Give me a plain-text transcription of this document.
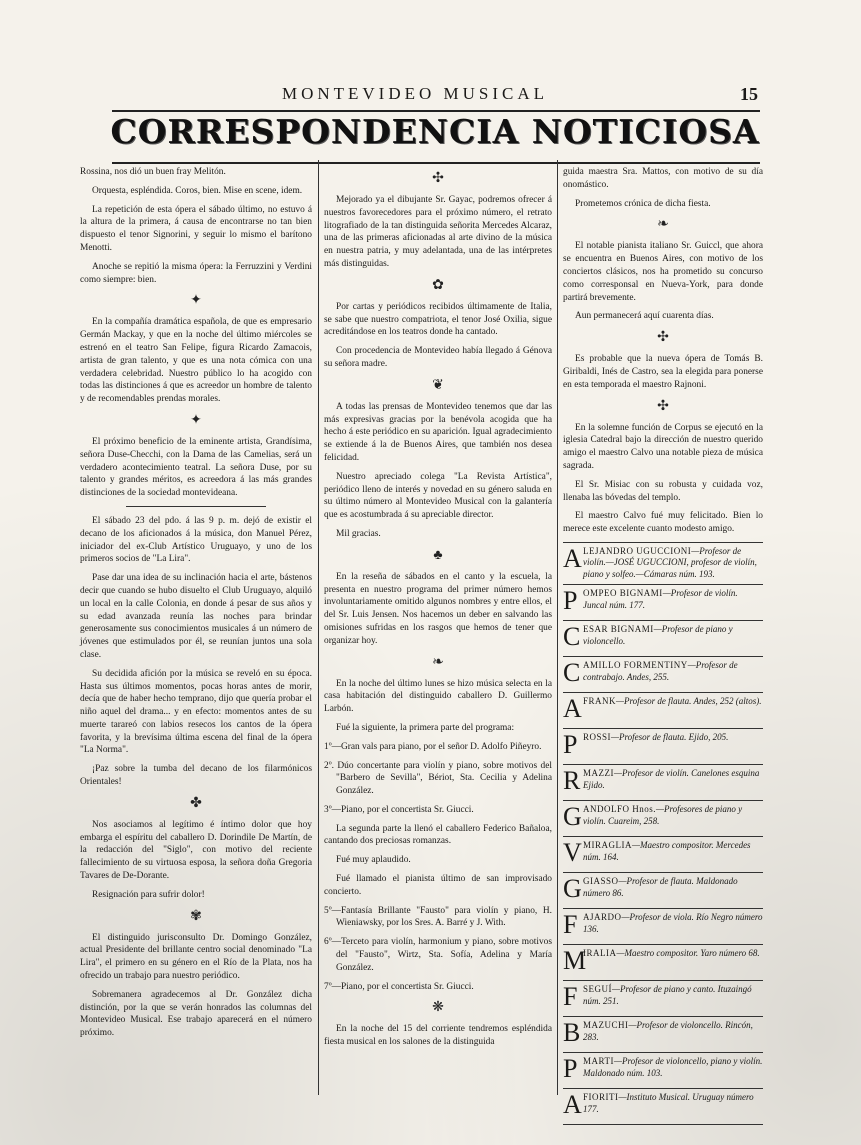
MONTEVIDEO MUSICAL	15
CORRESPONDENCIA NOTICIOSA

Rossina, nos dió un buen fray Melitón.

Orquesta, espléndida. Coros, bien. Mise en scene, idem.

La repetición de esta ópera el sábado último, no estuvo á la altura de la primera, á causa de encontrarse no tan bien dispuesto el tenor Signorini, y seguir lo mismo el barítono Menotti.

Anoche se repitió la misma ópera: la Ferruzzini y Verdini como siempre: bien.

✦

En la compañía dramática española, de que es empresario Germán Mackay, y que en la noche del último miércoles se estrenó en el teatro San Felipe, figura Ricardo Zamacois, artista de gran talento, y que es una nota cómica con una verdadera celebridad. Nuestro público lo ha acogido con todas las distinciones á que es acreedor un hombre de talento y de recomendables prendas morales.

✦

El próximo beneficio de la eminente artista, Grandísima, señora Duse-Checchi, con la Dama de las Camelias, será un verdadero acontecimiento teatral. La señora Duse, por su talento y grandes méritos, es acreedora á las más grandes distinciones de la sociedad montevideana.

El sábado 23 del pdo. á las 9 p. m. dejó de existir el decano de los aficionados á la música, don Manuel Pérez, iniciador del ex-Club Artístico Uruguayo, y uno de los primeros socios de "La Lira".

Pase dar una idea de su inclinación hacia el arte, bástenos decir que cuando se hubo disuelto el Club Uruguayo, alquiló un local en la calle Colonia, en donde á pesar de sus años y su edad avanzada reunía las noches para brindar generosamente sus conocimientos musicales á un número de jóvenes que estimulados por él, se reunían juntos una sola clase.

Su decidida afición por la música se reveló en su época. Hasta sus últimos momentos, pocas horas antes de morir, decía que de haber hecho temprano, dijo que quería probar el niño aquel del drama... y en efecto: momentos antes de su muerte tarareó con labios resecos los cantos de la ópera favorita, y la brevísima última escena del final de la ópera "La Norma".

¡Paz sobre la tumba del decano de los filarmónicos Orientales!

✤

Nos asociamos al legítimo é íntimo dolor que hoy embarga el espíritu del caballero D. Dorindile De Martín, de la redacción del "Siglo", con motivo del reciente fallecimiento de su virtuosa esposa, la señora doña Gregoria Tavares de De-Dorante.

Resignación para sufrir dolor!

✾

El distinguido jurisconsulto Dr. Domingo González, actual Presidente del brillante centro social denominado "La Lira", el primero en su género en el Río de la Plata, nos ha ofrecido un trabajo para nuestro periódico.

Sobremanera agradecemos al Dr. González dicha distinción, por la que se verán honrados las columnas del Montevideo Musical. Ese trabajo aparecerá en el número próximo.

✣

Mejorado ya el dibujante Sr. Gayac, podremos ofrecer á nuestros favorecedores para el próximo número, el retrato litografiado de la tan distinguida señorita Mercedes Alcaraz, una de las primeras aficionadas al arte divino de la música en nuestra patria, y muy adelantada, una de las intérpretes más distinguidas.

✿

Por cartas y periódicos recibidos últimamente de Italia, se sabe que nuestro compatriota, el tenor José Oxilia, sigue acreditándose en los teatros donde ha cantado.

Con procedencia de Montevideo había llegado á Génova su señora madre.

❦

A todas las prensas de Montevideo tenemos que dar las más expresivas gracias por la benévola acogida que ha hecho á este periódico en su aparición. Igual agradecimiento se extiende á la de Buenos Aires, que también nos desea felicidad.

Nuestro apreciado colega "La Revista Artística", periódico lleno de interés y novedad en su género saluda en su último número al Montevideo Musical con la galantería que es acostumbrada á su apreciable director.

Mil gracias.

♣

En la reseña de sábados en el canto y la escuela, la presenta en nuestro programa del primer número hemos involuntariamente omitido algunos nombres y entre ellos, el del Sr. Luis Jensen. Nos hacemos un deber en salvando las omisiones sufridas en los rasgos que hemos de tener que organizar hoy.

❧

En la noche del último lunes se hizo música selecta en la casa habitación del distinguido caballero D. Guillermo Larbón.

Fué la siguiente, la primera parte del programa:

1º—Gran vals para piano, por el señor D. Adolfo Piñeyro.

2º. Dúo concertante para violín y piano, sobre motivos del "Barbero de Sevilla", Bériot, Sta. Cecilia y Adelina González.

3º—Piano, por el concertista Sr. Giucci.

La segunda parte la llenó el caballero Federico Bañaloa, cantando dos preciosas romanzas.

Fué muy aplaudido.

Fué llamado el pianista último de san improvisado concierto.

5º—Fantasía Brillante "Fausto" para violín y piano, H. Wieniawsky, por los Sres. A. Barré y J. With.

6º—Terceto para violín, harmonium y piano, sobre motivos del "Fausto", Wirtz, Sta. Sofía, Adelina y María González.

7º—Piano, por el concertista Sr. Giucci.

❋

En la noche del 15 del corriente tendremos espléndida fiesta musical en los salones de la distinguida

guida maestra Sra. Mattos, con motivo de su día onomástico.

Prometemos crónica de dicha fiesta.

❧

El notable pianista italiano Sr. Guiccl, que ahora se encuentra en Buenos Aires, con motivo de los conciertos clásicos, nos ha prometido su concurso como corresponsal en Nueva-York, para donde partirá brevemente.

Aun permanecerá aquí cuarenta días.

✣

Es probable que la nueva ópera de Tomás B. Giribaldi, Inés de Castro, sea la elegida para ponerse en esta temporada el maestro Rajnoni.

✣

En la solemne función de Corpus se ejecutó en la iglesia Catedral bajo la dirección de nuestro querido amigo el maestro Calvo una notable pieza de música sagrada.

El Sr. Misiac con su robusta y cuidada voz, llenaba las bóvedas del templo.

El maestro Calvo fué muy felicitado. Bien lo merece este excelente cuanto modesto amigo.

A LEJANDRO UGUCCIONI—Profesor de violín.—JOSÉ UGUCCIONI, profesor de violín, piano y solfeo.—Cámaras núm. 193.
P OMPEO BIGNAMI—Profesor de violín. Juncal núm. 177.
C ESAR BIGNAMI—Profesor de piano y violoncello.
C AMILLO FORMENTINY—Profesor de contrabajo. Andes, 255.
A FRANK—Profesor de flauta. Andes, 252 (altos).
P ROSSI—Profesor de flauta. Ejido, 205.
R MAZZI—Profesor de violín. Canelones esquina Ejido.
G ANDOLFO Hnos.—Profesores de piano y violín. Cuareim, 258.
V MIRAGLIA—Maestro compositor. Mercedes núm. 164.
G GIASSO—Profesor de flauta. Maldonado número 86.
F AJARDO—Profesor de viola. Río Negro número 136.
M
IRALIA—Maestro compositor. Yaro número 68.
F SEGUÍ—Profesor de piano y canto. Ituzaingó núm. 251.
B MAZUCHI—Profesor de violoncello. Rincón, 283.
P MARTI—Profesor de violoncello, piano y violín. Maldonado núm. 103.
A FIORITI—Instituto Musical. Uruguay número 177.
